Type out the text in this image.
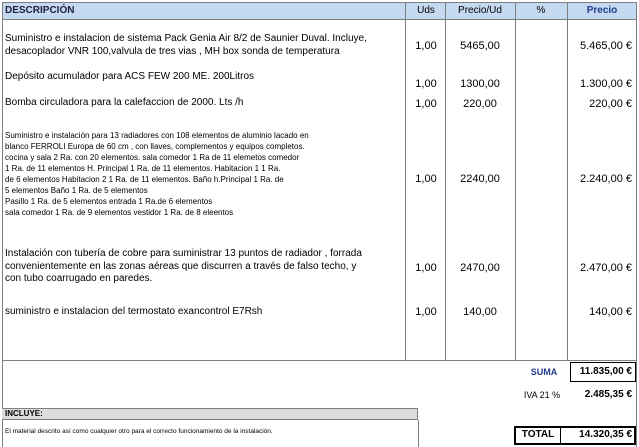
DESCRIPCIÓN	Uds	Precio/Ud	%	Precio
Suministro e instalacion de sistema Pack Genia Air 8/2 de Saunier Duval. Incluye,
desacoplador VNR 100,valvula de tres vias , MH box sonda de temperatura	1,00	5465,00	5.465,00 €
Depósito acumulador para ACS FEW 200 ME. 200Litros
1,00	1300,00	1.300,00 €
Bomba circuladora para la calefaccion de 2000. Lts /h	1,00	220,00	220,00 €
Suministro e instalación para 13 radiadores con 108 elementos de aluminio lacado en
blanco FERROLI Europa de 60 cm , con llaves, complementos y equipos completos.
cocina y sala 2 Ra. con 20 elementos. sala comedor 1 Ra de 11 elemetos comedor
1 Ra. de 11 elementos H. Principal 1 Ra. de 11 elementos. Habitacion 1 1 Ra.
de 6 elementos Habitacion 2 1 Ra. de 11 elementos. Baño h.Principal 1 Ra. de
5 elementos Baño 1 Ra. de 5 elementos
Pasillo 1 Ra. de 5 elementos entrada 1 Ra.de 6 elementos
sala comedor 1 Ra. de 9 elementos vestidor 1 Ra. de 8 eleentos
1,00	2240,00	2.240,00 €
Instalación con tubería de cobre para suministrar 13 puntos de radiador , forrada
convenientemente en las zonas aéreas que discurren a través de falso techo, y
con tubo coarrugado en paredes.
1,00	2470,00	2.470,00 €
suministro e instalacion del termostato exancontrol E7Rsh	1,00	140,00	140,00 €
SUMA	11.835,00 €
IVA 21 %	2.485,35 €
TOTAL	14.320,35 €
INCLUYE:
El material descrito así como cualquier otro para el correcto funcionamiento de la instalación.
